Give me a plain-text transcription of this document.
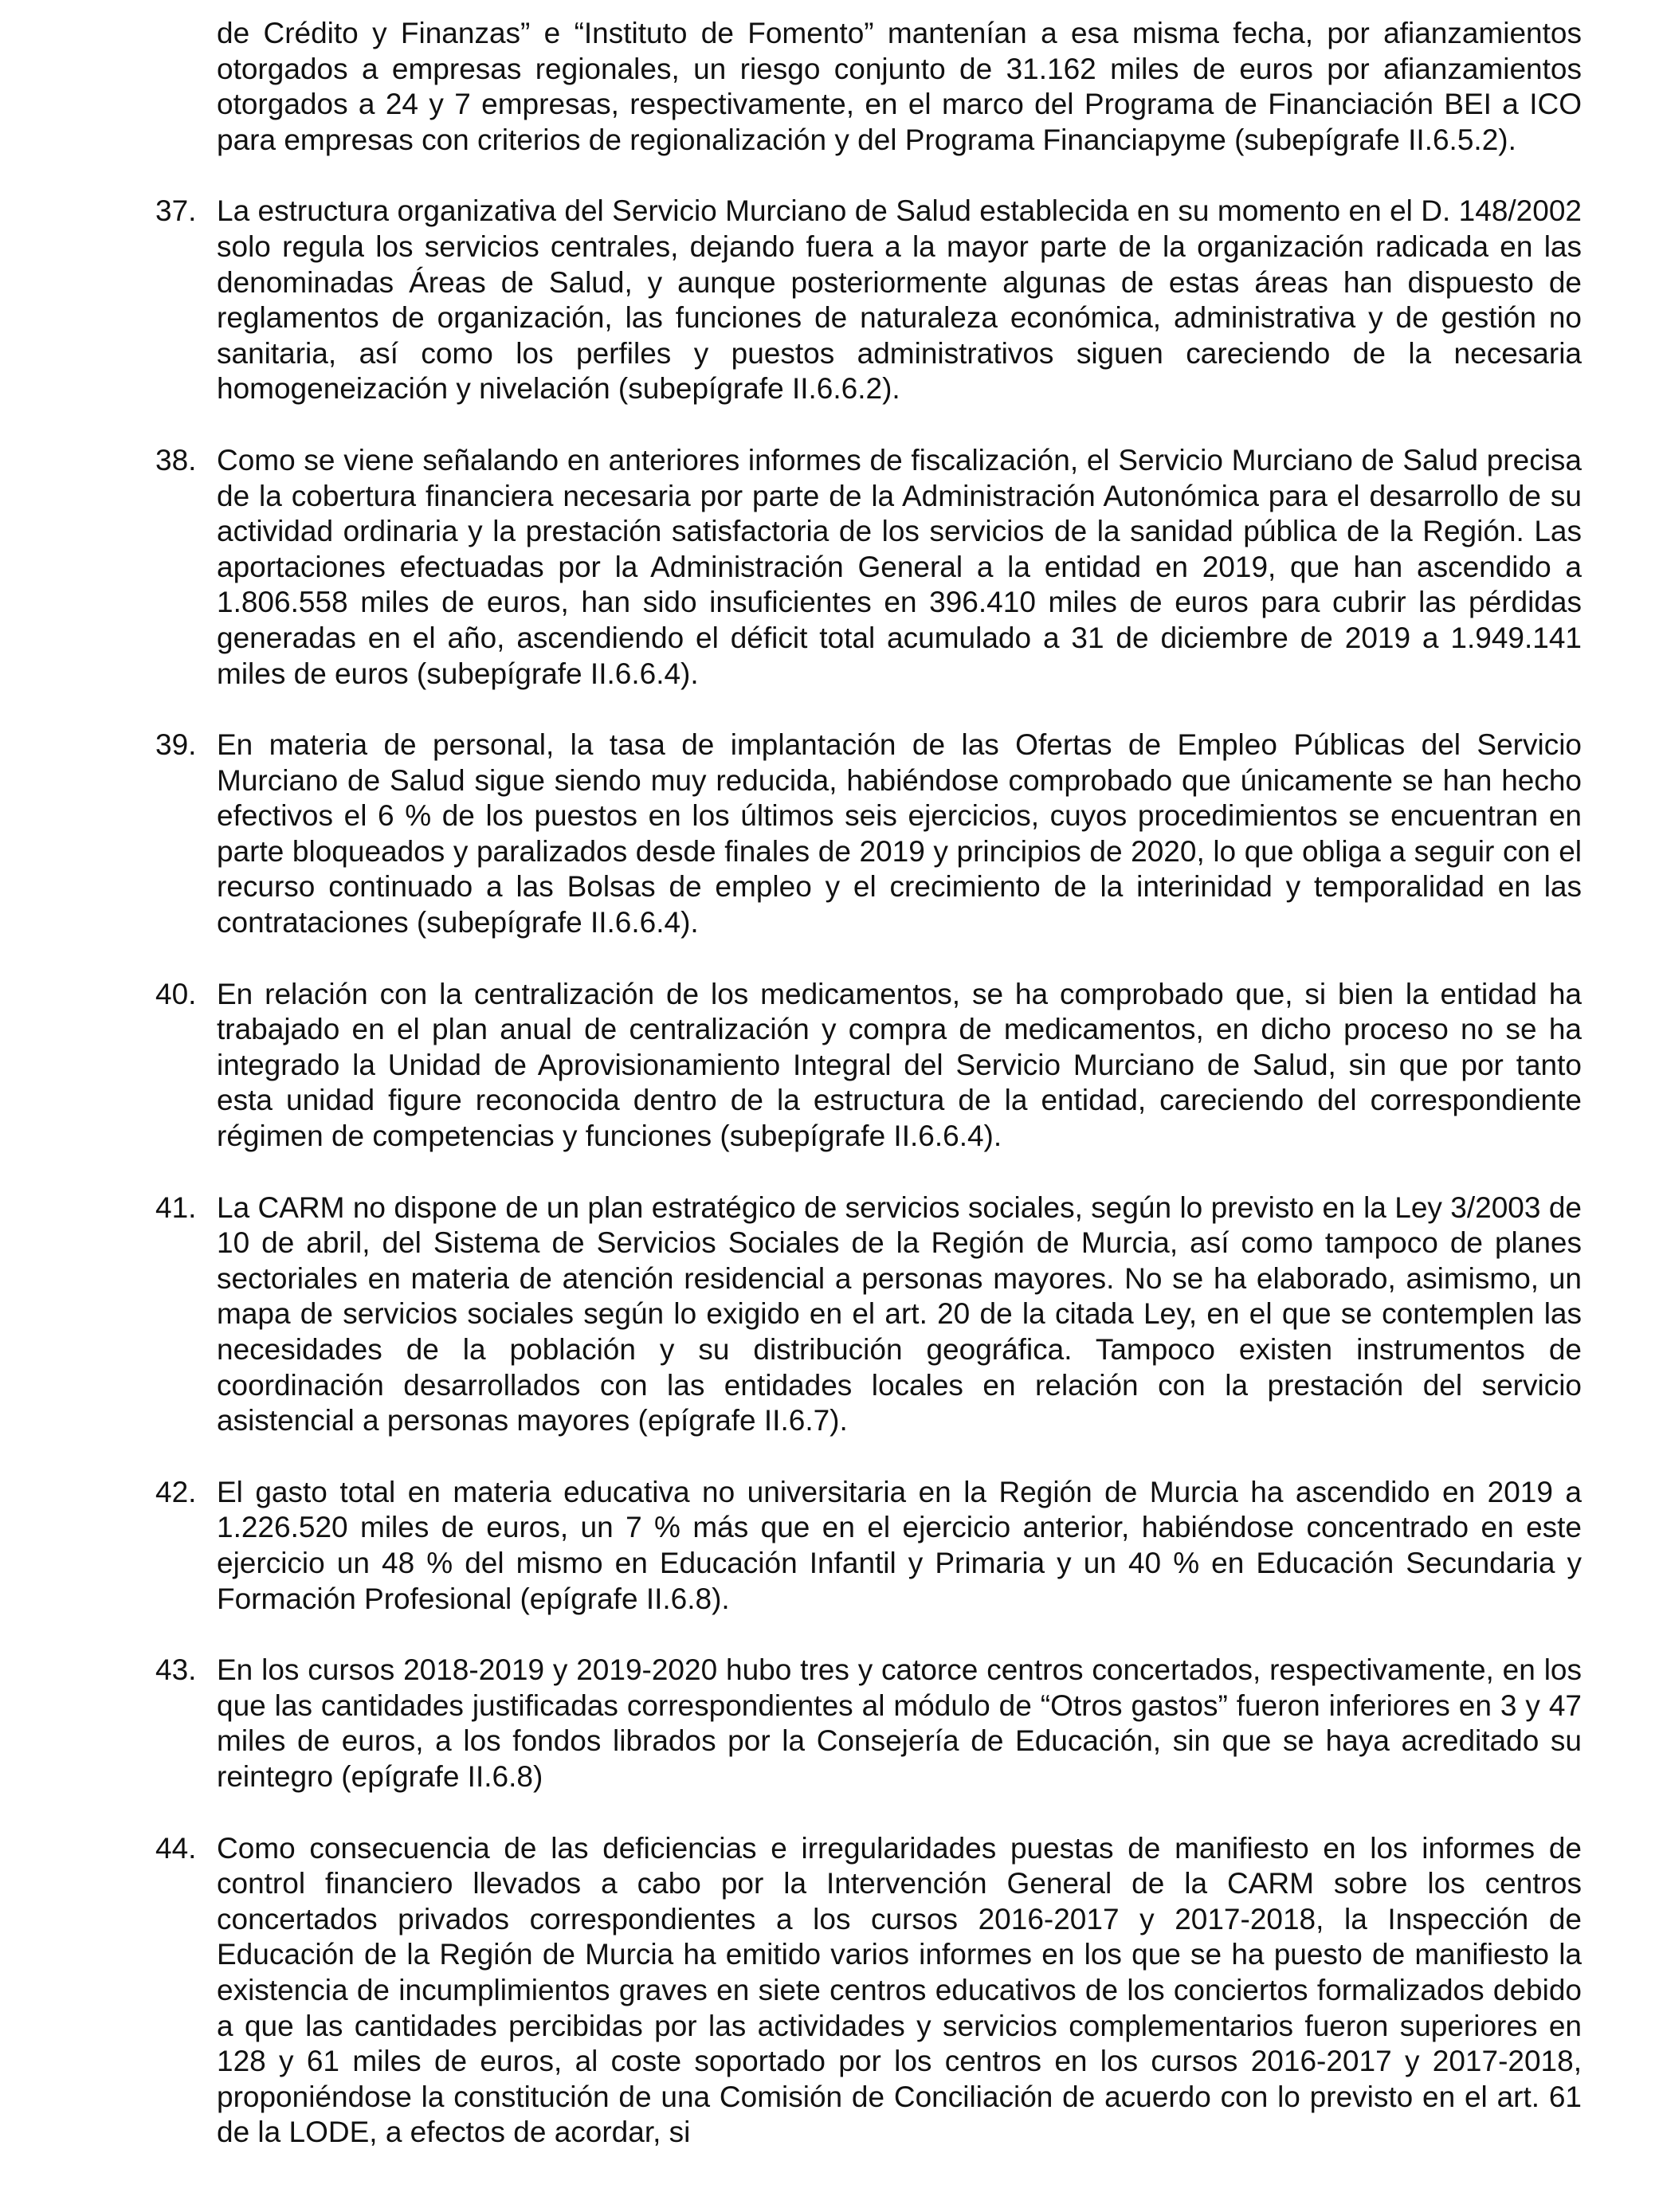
de Crédito y Finanzas” e “Instituto de Fomento” mantenían a esa misma fecha, por afianzamientos otorgados a empresas regionales, un riesgo conjunto de 31.162 miles de euros por afianzamientos otorgados a 24 y 7 empresas, respectivamente, en el marco del Programa de Financiación BEI a ICO para empresas con criterios de regionalización y del Programa Financiapyme (subepígrafe II.6.5.2).

37. La estructura organizativa del Servicio Murciano de Salud establecida en su momento en el D. 148/2002 solo regula los servicios centrales, dejando fuera a la mayor parte de la organización radicada en las denominadas Áreas de Salud, y aunque posteriormente algunas de estas áreas han dispuesto de reglamentos de organización, las funciones de naturaleza económica, administrativa y de gestión no sanitaria, así como los perfiles y puestos administrativos siguen careciendo de la necesaria homogeneización y nivelación (subepígrafe II.6.6.2).

38. Como se viene señalando en anteriores informes de fiscalización, el Servicio Murciano de Salud precisa de la cobertura financiera necesaria por parte de la Administración Autonómica para el desarrollo de su actividad ordinaria y la prestación satisfactoria de los servicios de la sanidad pública de la Región. Las aportaciones efectuadas por la Administración General a la entidad en 2019, que han ascendido a 1.806.558 miles de euros, han sido insuficientes en 396.410 miles de euros para cubrir las pérdidas generadas en el año, ascendiendo el déficit total acumulado a 31 de diciembre de 2019 a 1.949.141 miles de euros (subepígrafe II.6.6.4).

39. En materia de personal, la tasa de implantación de las Ofertas de Empleo Públicas del Servicio Murciano de Salud sigue siendo muy reducida, habiéndose comprobado que únicamente se han hecho efectivos el 6 % de los puestos en los últimos seis ejercicios, cuyos procedimientos se encuentran en parte bloqueados y paralizados desde finales de 2019 y principios de 2020, lo que obliga a seguir con el recurso continuado a las Bolsas de empleo y el crecimiento de la interinidad y temporalidad en las contrataciones (subepígrafe II.6.6.4).

40. En relación con la centralización de los medicamentos, se ha comprobado que, si bien la entidad ha trabajado en el plan anual de centralización y compra de medicamentos, en dicho proceso no se ha integrado la Unidad de Aprovisionamiento Integral del Servicio Murciano de Salud, sin que por tanto esta unidad figure reconocida dentro de la estructura de la entidad, careciendo del correspondiente régimen de competencias y funciones (subepígrafe II.6.6.4).

41. La CARM no dispone de un plan estratégico de servicios sociales, según lo previsto en la Ley 3/2003 de 10 de abril, del Sistema de Servicios Sociales de la Región de Murcia, así como tampoco de planes sectoriales en materia de atención residencial a personas mayores. No se ha elaborado, asimismo, un mapa de servicios sociales según lo exigido en el art. 20 de la citada Ley, en el que se contemplen las necesidades de la población y su distribución geográfica. Tampoco existen instrumentos de coordinación desarrollados con las entidades locales en relación con la prestación del servicio asistencial a personas mayores (epígrafe II.6.7).

42. El gasto total en materia educativa no universitaria en la Región de Murcia ha ascendido en 2019 a 1.226.520 miles de euros, un 7 % más que en el ejercicio anterior, habiéndose concentrado en este ejercicio un 48 % del mismo en Educación Infantil y Primaria y un 40 % en Educación Secundaria y Formación Profesional (epígrafe II.6.8).

43. En los cursos 2018-2019 y 2019-2020 hubo tres y catorce centros concertados, respectivamente, en los que las cantidades justificadas correspondientes al módulo de “Otros gastos” fueron inferiores en 3 y 47 miles de euros, a los fondos librados por la Consejería de Educación, sin que se haya acreditado su reintegro (epígrafe II.6.8)

44. Como consecuencia de las deficiencias e irregularidades puestas de manifiesto en los informes de control financiero llevados a cabo por la Intervención General de la CARM sobre los centros concertados privados correspondientes a los cursos 2016-2017 y 2017-2018, la Inspección de Educación de la Región de Murcia ha emitido varios informes en los que se ha puesto de manifiesto la existencia de incumplimientos graves en siete centros educativos de los conciertos formalizados debido a que las cantidades percibidas por las actividades y servicios complementarios fueron superiores en 128 y 61 miles de euros, al coste soportado por los centros en los cursos 2016-2017 y 2017-2018, proponiéndose la constitución de una Comisión de Conciliación de acuerdo con lo previsto en el art. 61 de la LODE, a efectos de acordar, si
